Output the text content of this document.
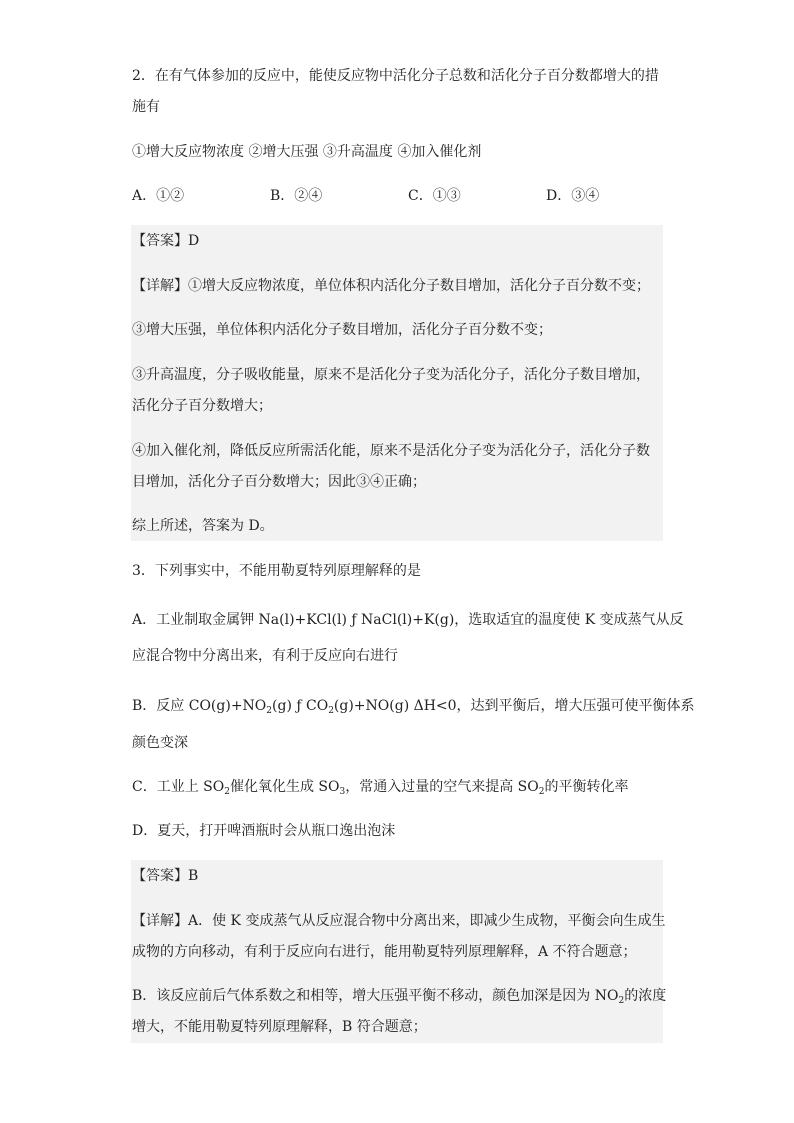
2．在有气体参加的反应中，能使反应物中活化分子总数和活化分子百分数都增大的措
施有
①增大反应物浓度 ②增大压强 ③升高温度 ④加入催化剂
A．①②	B．②④	C．①③	D．③④
【答案】D
【详解】①增大反应物浓度，单位体积内活化分子数目增加，活化分子百分数不变；
③增大压强，单位体积内活化分子数目增加，活化分子百分数不变；
③升高温度，分子吸收能量，原来不是活化分子变为活化分子，活化分子数目增加，
活化分子百分数增大；
④加入催化剂，降低反应所需活化能，原来不是活化分子变为活化分子，活化分子数
目增加，活化分子百分数增大；因此③④正确；
综上所述，答案为 D。
3．下列事实中，不能用勒夏特列原理解释的是
A．工业制取金属钾 Na(l)+KCl(l) ƒ NaCl(l)+K(g)，选取适宜的温度使 K 变成蒸气从反
应混合物中分离出来，有利于反应向右进行
B．反应 $CO(g)+NO_2(g)$ ƒ $CO_2(g)+NO(g)$ ΔH<0，达到平衡后，增大压强可使平衡体系
颜色变深
C．工业上 $SO_2$催化氧化生成 $SO_3$，常通入过量的空气来提高 $SO_2$的平衡转化率
D．夏天，打开啤酒瓶时会从瓶口逸出泡沫
【答案】B
【详解】A．使 K 变成蒸气从反应混合物中分离出来，即减少生成物，平衡会向生成生
成物的方向移动，有利于反应向右进行，能用勒夏特列原理解释，A 不符合题意；
B．该反应前后气体系数之和相等，增大压强平衡不移动，颜色加深是因为 $NO_2$的浓度
增大，不能用勒夏特列原理解释，B 符合题意；
